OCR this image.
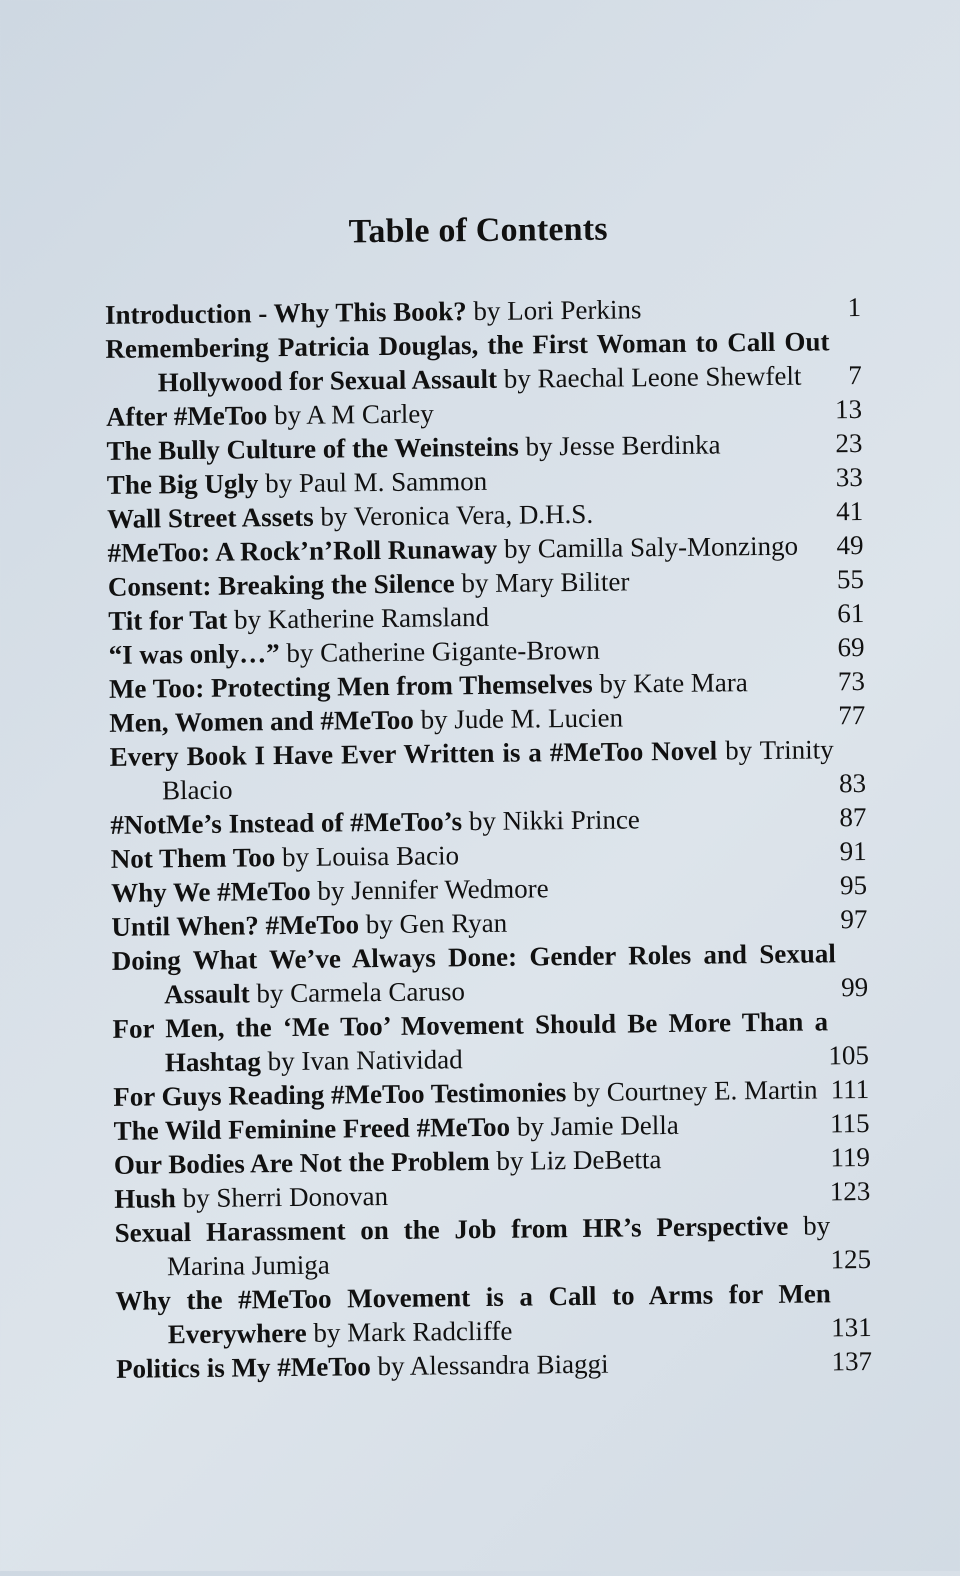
Table of Contents
Introduction - Why This Book? by Lori Perkins	1
Remembering Patricia Douglas, the First Woman to Call Out Hollywood for Sexual Assault by Raechal Leone Shewfelt	7
After #MeToo by A M Carley	13
The Bully Culture of the Weinsteins by Jesse Berdinka	23
The Big Ugly by Paul M. Sammon	33
Wall Street Assets by Veronica Vera, D.H.S.	41
#MeToo: A Rock’n’Roll Runaway by Camilla Saly-Monzingo	49
Consent: Breaking the Silence by Mary Biliter	55
Tit for Tat by Katherine Ramsland	61
“I was only…” by Catherine Gigante-Brown	69
Me Too: Protecting Men from Themselves by Kate Mara	73
Men, Women and #MeToo by Jude M. Lucien	77
Every Book I Have Ever Written is a #MeToo Novel by Trinity Blacio	83
#NotMe’s Instead of #MeToo’s by Nikki Prince	87
Not Them Too by Louisa Bacio	91
Why We #MeToo by Jennifer Wedmore	95
Until When? #MeToo by Gen Ryan	97
Doing What We’ve Always Done: Gender Roles and Sexual Assault by Carmela Caruso	99
For Men, the ‘Me Too’ Movement Should Be More Than a Hashtag by Ivan Natividad	105
For Guys Reading #MeToo Testimonies by Courtney E. Martin 111
The Wild Feminine Freed #MeToo by Jamie Della	115
Our Bodies Are Not the Problem by Liz DeBetta	119
Hush by Sherri Donovan	123
Sexual Harassment on the Job from HR’s Perspective by Marina Jumiga	125
Why the #MeToo Movement is a Call to Arms for Men Everywhere by Mark Radcliffe	131
Politics is My #MeToo by Alessandra Biaggi	137
